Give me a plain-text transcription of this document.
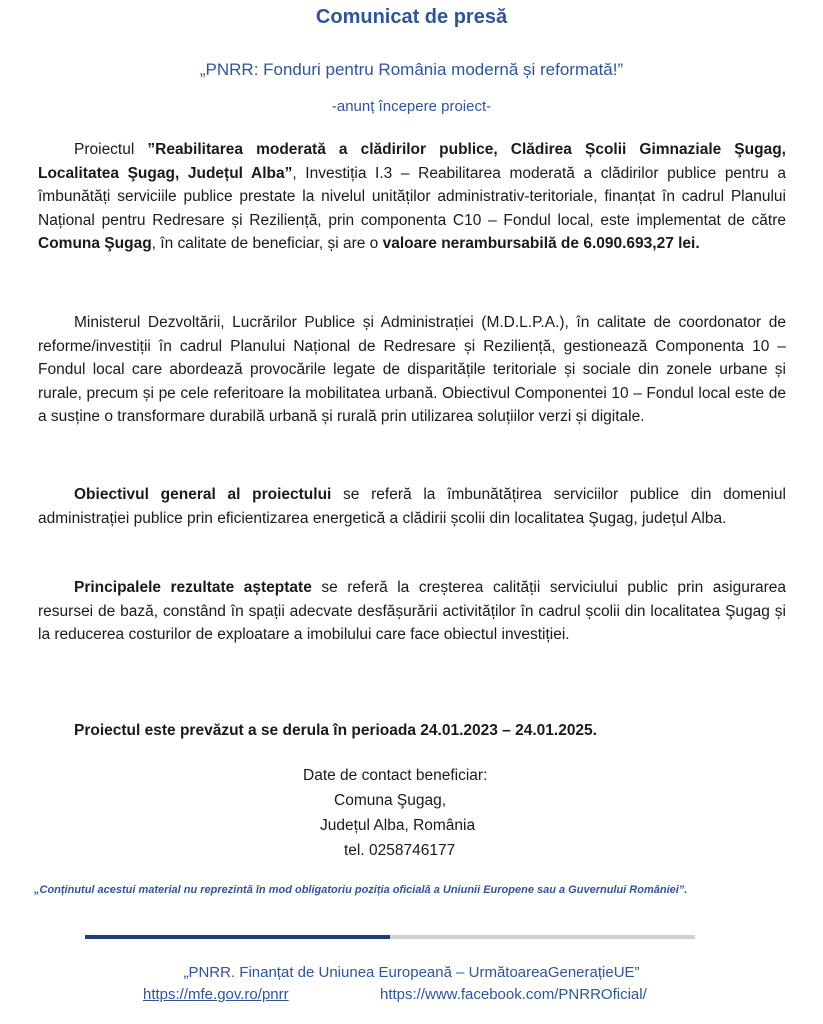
Comunicat de presă
„PNRR: Fonduri pentru România modernă și reformată!”
-anunț începere proiect-

Proiectul ”Reabilitarea moderată a clădirilor publice, Clădirea Școlii Gimnaziale Şugag, Localitatea Şugag, Județul Alba”, Investiția I.3 – Reabilitarea moderată a clădirilor publice pentru a îmbunătăți serviciile publice prestate la nivelul unităților administrativ-teritoriale, finanțat în cadrul Planului Național pentru Redresare și Reziliență, prin componenta C10 – Fondul local, este implementat de către Comuna Şugag, în calitate de beneficiar, și are o valoare nerambursabilă de 6.090.693,27 lei.

Ministerul Dezvoltării, Lucrărilor Publice și Administrației (M.D.L.P.A.), în calitate de coordonator de reforme/investiții în cadrul Planului Național de Redresare și Reziliență, gestionează Componenta 10 – Fondul local care abordează provocările legate de disparitățile teritoriale și sociale din zonele urbane și rurale, precum și pe cele referitoare la mobilitatea urbană. Obiectivul Componentei 10 – Fondul local este de a susține o transformare durabilă urbană și rurală prin utilizarea soluțiilor verzi și digitale.

Obiectivul general al proiectului se referă la îmbunătățirea serviciilor publice din domeniul administrației publice prin eficientizarea energetică a clădirii școlii din localitatea Şugag, județul Alba.

Principalele rezultate așteptate se referă la creșterea calității serviciului public prin asigurarea resursei de bază, constând în spații adecvate desfășurării activităților în cadrul școlii din localitatea Şugag și la reducerea costurilor de exploatare a imobilului care face obiectul investiției.

Proiectul este prevăzut a se derula în perioada 24.01.2023 – 24.01.2025.
Date de contact beneficiar:
Comuna Şugag,
Județul Alba, România
tel. 0258746177
„Conținutul acestui material nu reprezintă în mod obligatoriu poziția oficială a Uniunii Europene sau a Guvernului României”.
„PNRR. Finanțat de Uniunea Europeană – UrmătoareaGenerațieUE”
https://mfe.gov.ro/pnrr	https://www.facebook.com/PNRROficial/
